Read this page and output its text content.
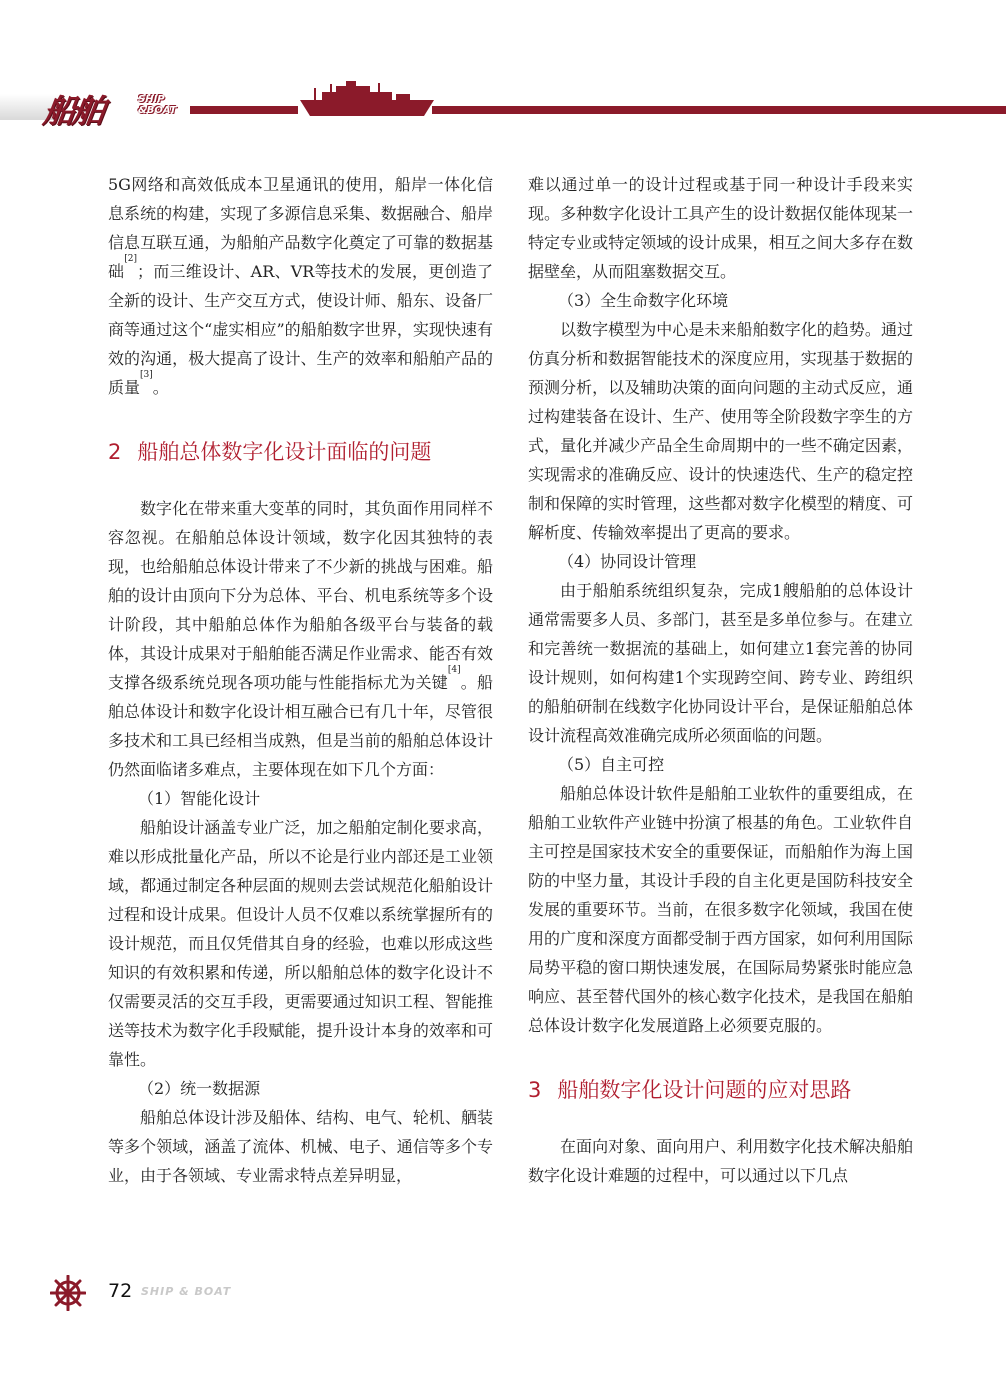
船舶	SHIP
&BOAT

5G网络和高效低成本卫星通讯的使用，船岸一体化信息系统的构建，实现了多源信息采集、数据融合、船岸信息互联互通，为船舶产品数字化奠定了可靠的数据基础[2]；而三维设计、AR、VR等技术的发展，更创造了全新的设计、生产交互方式，使设计师、船东、设备厂商等通过这个“虚实相应”的船舶数字世界，实现快速有效的沟通，极大提高了设计、生产的效率和船舶产品的质量[3]。

2 船舶总体数字化设计面临的问题

数字化在带来重大变革的同时，其负面作用同样不容忽视。在船舶总体设计领域，数字化因其独特的表现，也给船舶总体设计带来了不少新的挑战与困难。船舶的设计由顶向下分为总体、平台、机电系统等多个设计阶段，其中船舶总体作为船舶各级平台与装备的载体，其设计成果对于船舶能否满足作业需求、能否有效支撑各级系统兑现各项功能与性能指标尤为关键[4]。船舶总体设计和数字化设计相互融合已有几十年，尽管很多技术和工具已经相当成熟，但是当前的船舶总体设计仍然面临诸多难点，主要体现在如下几个方面：

（1）智能化设计

船舶设计涵盖专业广泛，加之船舶定制化要求高，难以形成批量化产品，所以不论是行业内部还是工业领域，都通过制定各种层面的规则去尝试规范化船舶设计过程和设计成果。但设计人员不仅难以系统掌握所有的设计规范，而且仅凭借其自身的经验，也难以形成这些知识的有效积累和传递，所以船舶总体的数字化设计不仅需要灵活的交互手段，更需要通过知识工程、智能推送等技术为数字化手段赋能，提升设计本身的效率和可靠性。

（2）统一数据源

船舶总体设计涉及船体、结构、电气、轮机、舾装等多个领域，涵盖了流体、机械、电子、通信等多个专业，由于各领域、专业需求特点差异明显，

难以通过单一的设计过程或基于同一种设计手段来实现。多种数字化设计工具产生的设计数据仅能体现某一特定专业或特定领域的设计成果，相互之间大多存在数据壁垒，从而阻塞数据交互。

（3）全生命数字化环境

以数字模型为中心是未来船舶数字化的趋势。通过仿真分析和数据智能技术的深度应用，实现基于数据的预测分析，以及辅助决策的面向问题的主动式反应，通过构建装备在设计、生产、使用等全阶段数字孪生的方式，量化并减少产品全生命周期中的一些不确定因素，实现需求的准确反应、设计的快速迭代、生产的稳定控制和保障的实时管理，这些都对数字化模型的精度、可解析度、传输效率提出了更高的要求。

（4）协同设计管理

由于船舶系统组织复杂，完成1艘船舶的总体设计通常需要多人员、多部门，甚至是多单位参与。在建立和完善统一数据流的基础上，如何建立1套完善的协同设计规则，如何构建1个实现跨空间、跨专业、跨组织的船舶研制在线数字化协同设计平台，是保证船舶总体设计流程高效准确完成所必须面临的问题。

（5）自主可控

船舶总体设计软件是船舶工业软件的重要组成，在船舶工业软件产业链中扮演了根基的角色。工业软件自主可控是国家技术安全的重要保证，而船舶作为海上国防的中坚力量，其设计手段的自主化更是国防科技安全发展的重要环节。当前，在很多数字化领域，我国在使用的广度和深度方面都受制于西方国家，如何利用国际局势平稳的窗口期快速发展，在国际局势紧张时能应急响应、甚至替代国外的核心数字化技术，是我国在船舶总体设计数字化发展道路上必须要克服的。

3 船舶数字化设计问题的应对思路

在面向对象、面向用户、利用数字化技术解决船舶数字化设计难题的过程中，可以通过以下几点

72 SHIP & BOAT
